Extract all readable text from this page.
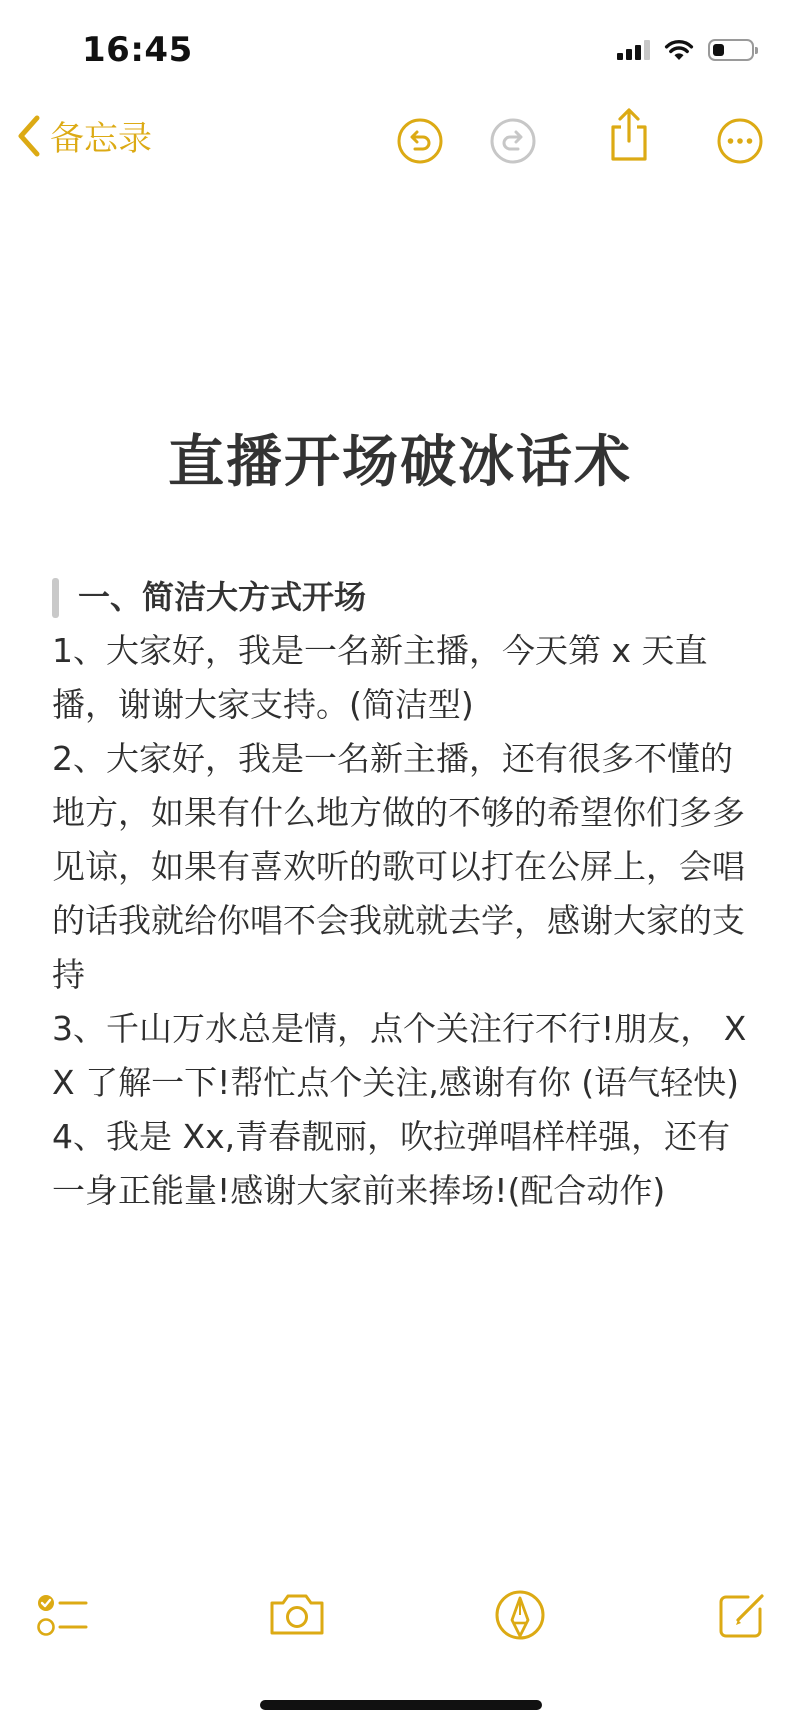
16:45
备忘录
直播开场破冰话术
一、简洁大方式开场

1、大家好，我是一名新主播，今天第 x 天直播，谢谢大家支持。(简洁型)

2、大家好，我是一名新主播，还有很多不懂的地方，如果有什么地方做的不够的希望你们多多见谅，如果有喜欢听的歌可以打在公屏上，会唱的话我就给你唱不会我就就去学，感谢大家的支持

3、千山万水总是情，点个关注行不行!朋友， XX 了解一下!帮忙点个关注,感谢有你 (语气轻快)

4、我是 Xx,青春靓丽，吹拉弹唱样样强，还有一身正能量!感谢大家前来捧场!(配合动作)
